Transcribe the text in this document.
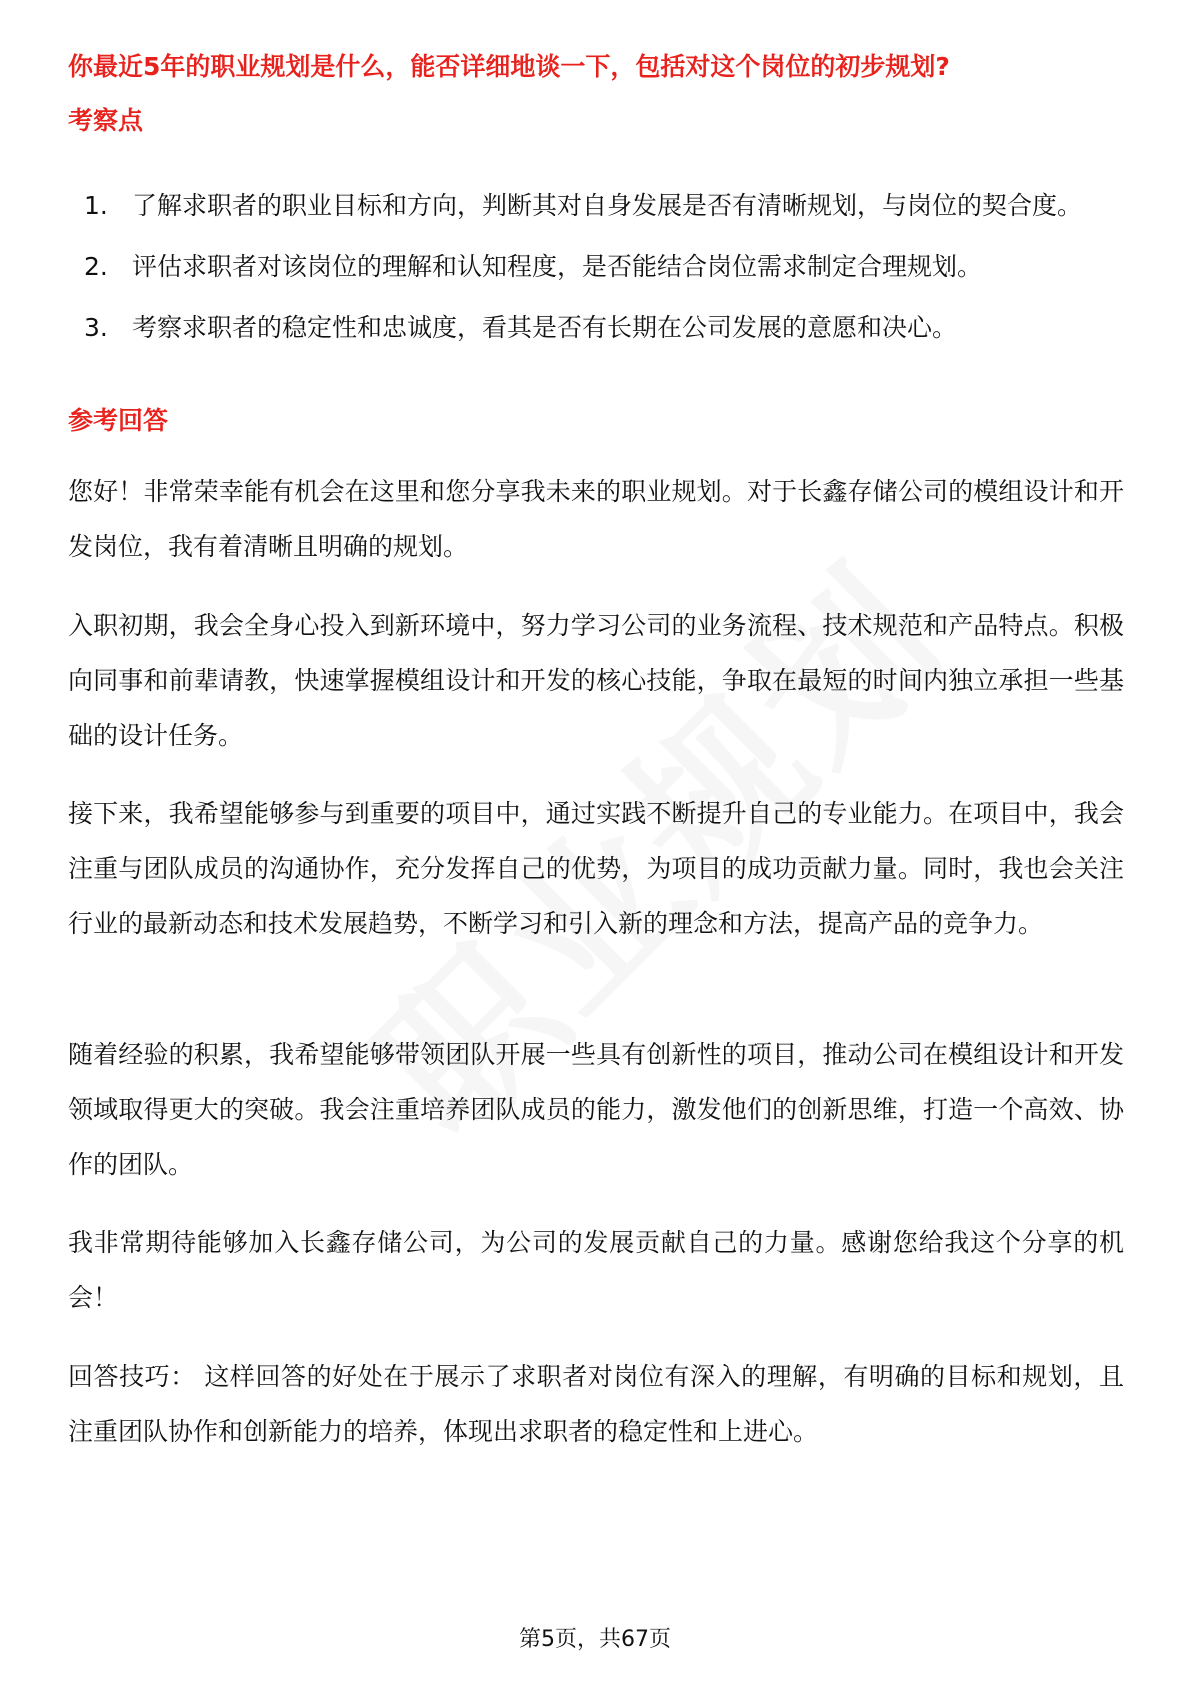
你最近5年的职业规划是什么，能否详细地谈一下，包括对这个岗位的初步规划?
考察点
1. 了解求职者的职业目标和方向，判断其对自身发展是否有清晰规划，与岗位的契合度。
2. 评估求职者对该岗位的理解和认知程度，是否能结合岗位需求制定合理规划。
3. 考察求职者的稳定性和忠诚度，看其是否有长期在公司发展的意愿和决心。
参考回答

您好！非常荣幸能有机会在这里和您分享我未来的职业规划。对于长鑫存储公司的模组设计和开发岗位，我有着清晰且明确的规划。

入职初期，我会全身心投入到新环境中，努力学习公司的业务流程、技术规范和产品特点。积极向同事和前辈请教，快速掌握模组设计和开发的核心技能，争取在最短的时间内独立承担一些基础的设计任务。

接下来，我希望能够参与到重要的项目中，通过实践不断提升自己的专业能力。在项目中，我会注重与团队成员的沟通协作，充分发挥自己的优势，为项目的成功贡献力量。同时，我也会关注行业的最新动态和技术发展趋势，不断学习和引入新的理念和方法，提高产品的竞争力。

随着经验的积累，我希望能够带领团队开展一些具有创新性的项目，推动公司在模组设计和开发领域取得更大的突破。我会注重培养团队成员的能力，激发他们的创新思维，打造一个高效、协作的团队。

我非常期待能够加入长鑫存储公司，为公司的发展贡献自己的力量。感谢您给我这个分享的机会！

回答技巧： 这样回答的好处在于展示了求职者对岗位有深入的理解，有明确的目标和规划，且注重团队协作和创新能力的培养，体现出求职者的稳定性和上进心。

第5页，共67页
